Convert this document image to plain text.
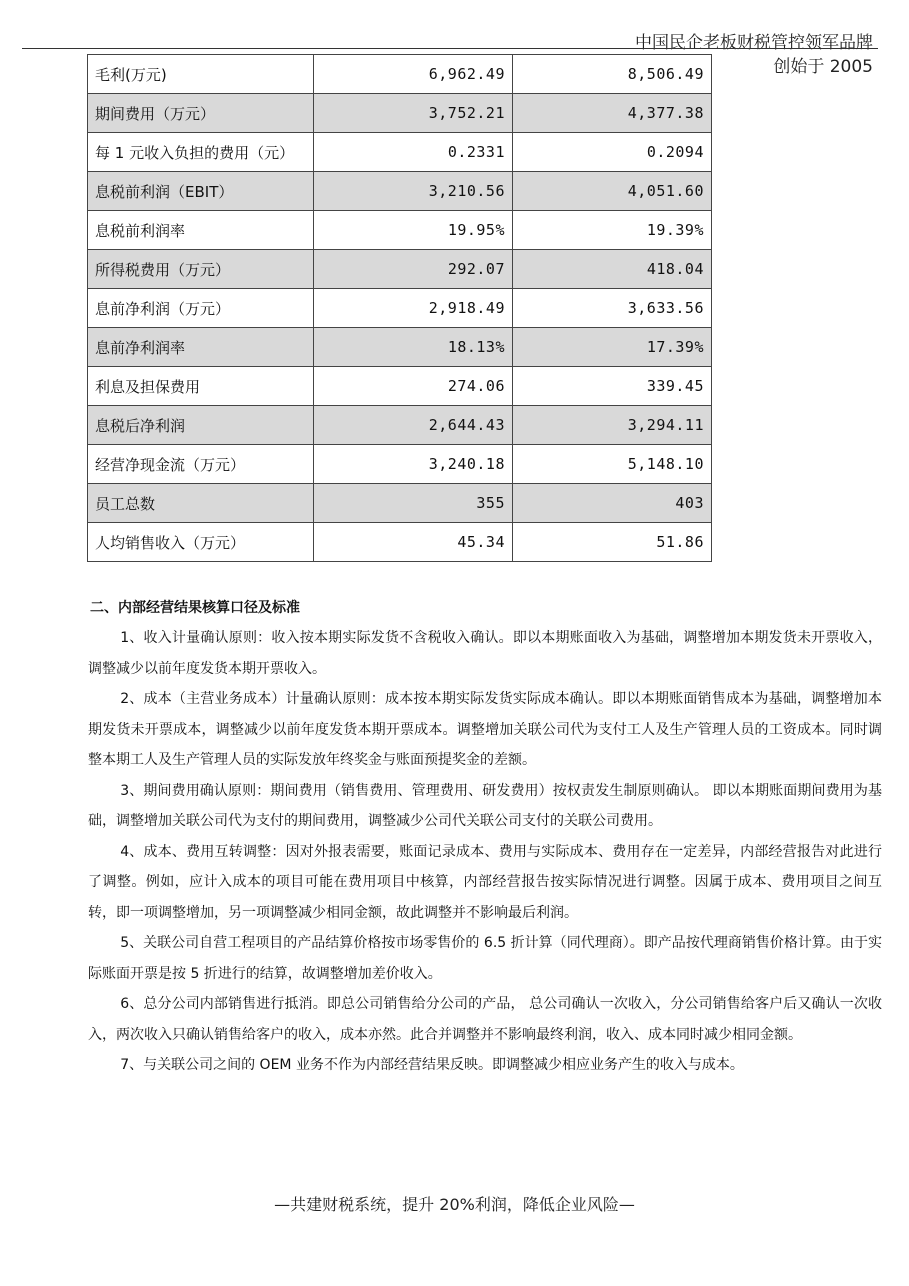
中国民企老板财税管控领军品牌
创始于 2005
毛利(万元)	6,962.49	8,506.49
期间费用（万元）	3,752.21	4,377.38
每 1 元收入负担的费用（元）	0.2331	0.2094
息税前利润（EBIT）	3,210.56	4,051.60
息税前利润率	19.95%	19.39%
所得税费用（万元）	292.07	418.04
息前净利润（万元）	2,918.49	3,633.56
息前净利润率	18.13%	17.39%
利息及担保费用	274.06	339.45
息税后净利润	2,644.43	3,294.11
经营净现金流（万元）	3,240.18	5,148.10
员工总数	355	403
人均销售收入（万元）	45.34	51.86
二、内部经营结果核算口径及标准

1、收入计量确认原则：收入按本期实际发货不含税收入确认。即以本期账面收入为基础，调整增加本期发货未开票收入，调整减少以前年度发货本期开票收入。

2、成本（主营业务成本）计量确认原则：成本按本期实际发货实际成本确认。即以本期账面销售成本为基础，调整增加本期发货未开票成本，调整减少以前年度发货本期开票成本。调整增加关联公司代为支付工人及生产管理人员的工资成本。同时调整本期工人及生产管理人员的实际发放年终奖金与账面预提奖金的差额。

3、期间费用确认原则：期间费用（销售费用、管理费用、研发费用）按权责发生制原则确认。 即以本期账面期间费用为基础，调整增加关联公司代为支付的期间费用，调整减少公司代关联公司支付的关联公司费用。

4、成本、费用互转调整：因对外报表需要，账面记录成本、费用与实际成本、费用存在一定差异，内部经营报告对此进行了调整。例如，应计入成本的项目可能在费用项目中核算，内部经营报告按实际情况进行调整。因属于成本、费用项目之间互转，即一项调整增加，另一项调整减少相同金额，故此调整并不影响最后利润。

5、关联公司自营工程项目的产品结算价格按市场零售价的 6.5 折计算（同代理商）。即产品按代理商销售价格计算。由于实际账面开票是按 5 折进行的结算，故调整增加差价收入。

6、总分公司内部销售进行抵消。即总公司销售给分公司的产品， 总公司确认一次收入，分公司销售给客户后又确认一次收入，两次收入只确认销售给客户的收入，成本亦然。此合并调整并不影响最终利润，收入、成本同时减少相同金额。

7、与关联公司之间的 OEM 业务不作为内部经营结果反映。即调整减少相应业务产生的收入与成本。

—共建财税系统，提升 20%利润，降低企业风险—
